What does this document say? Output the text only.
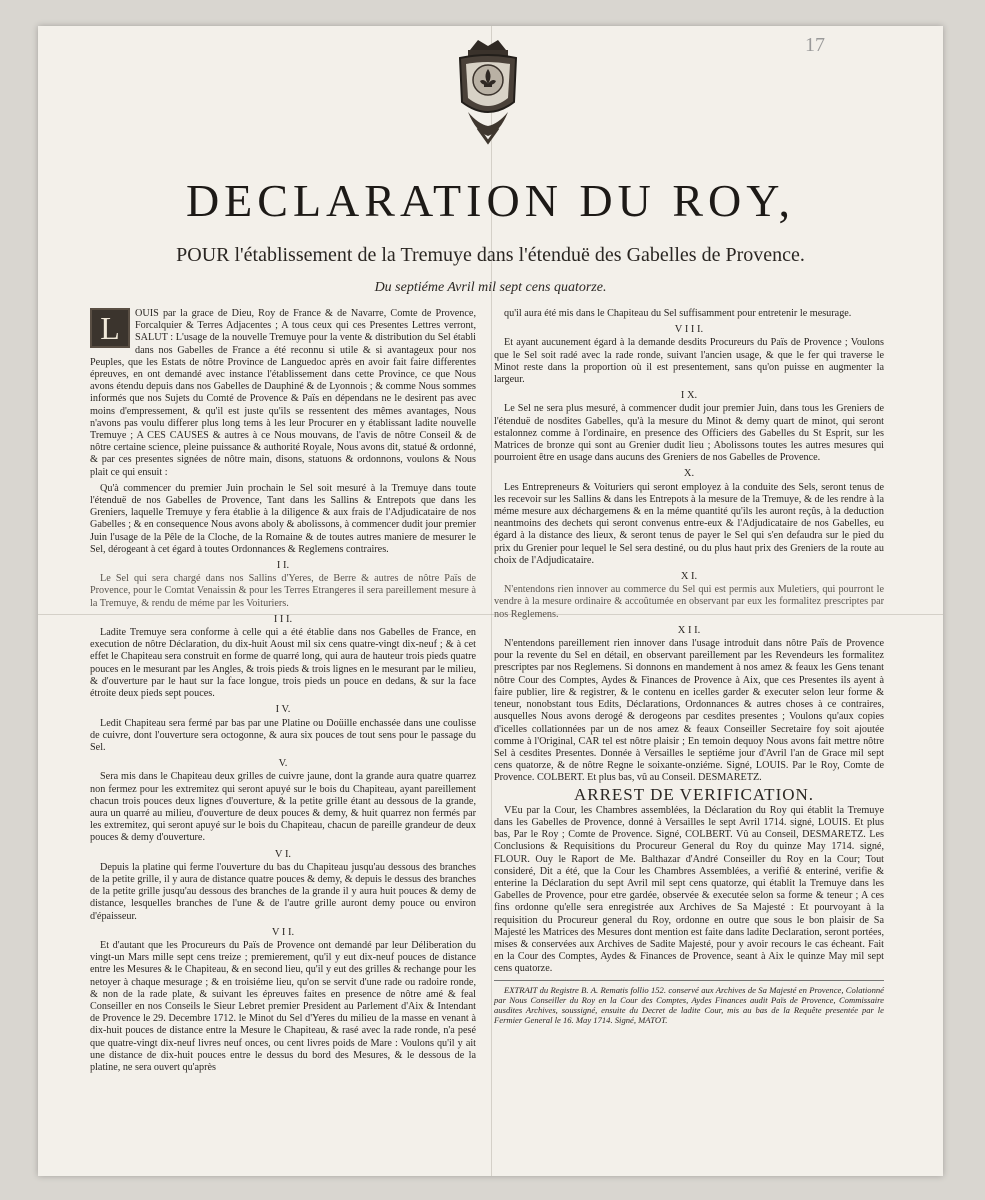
17
DECLARATION DU ROY,
POUR l'établissement de la Tremuye dans l'étenduë des Gabelles de Provence.
Du septiéme Avril mil sept cens quatorze.

L	OUIS par la grace de Dieu, Roy de France & de Navarre, Comte de Provence, Forcalquier & Terres Adjacentes ; A tous ceux qui ces Presentes Lettres verront, SALUT : L'usage de la nouvelle Tremuye pour la vente & distribution du Sel établi dans nos Gabelles de France a été reconnu si utile & si avantageux pour nos Peuples, que les Estats de nôtre Province de Languedoc après en avoir fait faire differentes épreuves, en ont demandé avec instance l'établissement dans cette Province, ce que Nous avons étendu depuis dans nos Gabelles de Dauphiné & de Lyonnois ; & comme Nous sommes informés que nos Sujets du Comté de Provence & Païs en dépendans ne le desirent pas avec moins d'empressement, & qu'il est juste qu'ils se ressentent des mêmes avantages, Nous n'avons pas voulu differer plus long tems à les leur Procurer en y établissant ladite nouvelle Tremuye ; A CES CAUSES & autres à ce Nous mouvans, de l'avis de nôtre Conseil & de nôtre certaine science, pleine puissance & authorité Royale, Nous avons dit, statué & ordonné, & par ces presentes signées de nôtre main, disons, statuons & ordonnons, voulons & Nous plait ce qui ensuit :

Qu'à commencer du premier Juin prochain le Sel soit mesuré à la Tremuye dans toute l'étenduë de nos Gabelles de Provence, Tant dans les Sallins & Entrepots que dans les Greniers, laquelle Tremuye y fera établie à la diligence & aux frais de l'Adjudicataire de nos Gabelles ; & en consequence Nous avons aboly & abolissons, à commencer dudit jour premier Juin l'usage de la Pêle de la Cloche, de la Romaine & de toutes autres maniere de mesurer le Sel, dérogeant à cet égard à toutes Ordonnances & Reglemens contraires.

I I.

Le Sel qui sera chargé dans nos Sallins d'Yeres, de Berre & autres de nôtre Païs de Provence, pour le Comtat Venaissin & pour les Terres Etrangeres il sera pareillement mesure à la Tremuye, & rendu de méme par les Voituriers.

I I I.

Ladite Tremuye sera conforme à celle qui a été établie dans nos Gabelles de France, en execution de nôtre Déclaration, du dix-huit Aoust mil six cens quatre-vingt dix-neuf ; & à cet effet le Chapiteau sera construit en forme de quarré long, qui aura de hauteur trois pieds quatre pouces en le mesurant par les Angles, & trois pieds & trois lignes en le mesurant par le milieu, & d'ouverture par le haut sur la face longue, trois pieds un pouce en dedans, & sur la face étroite deux pieds sept pouces.

I V.

Ledit Chapiteau sera fermé par bas par une Platine ou Doüille enchassée dans une coulisse de cuivre, dont l'ouverture sera octogonne, & aura six pouces de tout sens pour le passage du Sel.

V.

Sera mis dans le Chapiteau deux grilles de cuivre jaune, dont la grande aura quatre quarrez non fermez pour les extremitez qui seront apuyé sur le bois du Chapiteau, ayant pareillement chacun trois pouces deux lignes d'ouverture, & la petite grille étant au dessous de la grande, aura un quarré au milieu, d'ouverture de deux pouces & demy, & huit quarrez non fermés par les extremitez, qui seront apuyé sur le bois du Chapiteau, chacun de pareille grandeur de deux pouces & demy d'ouverture.

V I.

Depuis la platine qui ferme l'ouverture du bas du Chapiteau jusqu'au dessous des branches de la petite grille, il y aura de distance quatre pouces & demy, & depuis le dessus des branches de la petite grille jusqu'au dessous des branches de la grande il y aura huit pouces & demy de distance, lesquelles branches de l'une & de l'autre grille auront demy pouce ou environ d'épaisseur.

V I I.

Et d'autant que les Procureurs du Païs de Provence ont demandé par leur Déliberation du vingt-un Mars mille sept cens treize ; premierement, qu'il y eut dix-neuf pouces de distance entre les Mesures & le Chapiteau, & en second lieu, qu'il y eut des grilles & rechange pour les netoyer à chaque mesurage ; & en troisiéme lieu, qu'on se servit d'une rade ou radoire ronde, & non de la rade plate, & suivant les épreuves faites en presence de nôtre amé & feal Conseiller en nos Conseils le Sieur Lebret premier President au Parlement d'Aix & Intendant de Provence le 29. Decembre 1712. le Minot du Sel d'Yeres du milieu de la masse en venant à dix-huit pouces de distance entre la Mesure le Chapiteau, & rasé avec la rade ronde, n'a pesé que quatre-vingt dix-neuf livres neuf onces, ou cent livres poids de Mare : Voulons qu'il y ait une distance de dix-huit pouces entre le dessus du bord des Mesures, & le dessous de la platine, ne sera ouvert qu'après

qu'il aura été mis dans le Chapiteau du Sel suffisamment pour entretenir le mesurage.

V I I I.

Et ayant aucunement égard à la demande desdits Procureurs du Païs de Provence ; Voulons que le Sel soit radé avec la rade ronde, suivant l'ancien usage, & que le fer qui traverse le Minot reste dans la proportion où il est presentement, sans qu'on puisse en augmenter la largeur.

I X.

Le Sel ne sera plus mesuré, à commencer dudit jour premier Juin, dans tous les Greniers de l'étenduë de nosdites Gabelles, qu'à la mesure du Minot & demy quart de minot, qui seront estalonnez comme à l'ordinaire, en presence des Officiers des Gabelles du St Esprit, sur les Matrices de bronze qui sont au Grenier dudit lieu ; Abolissons toutes les autres mesures qui pourroient être en usage dans aucuns des Greniers de nos Gabelles de Provence.

X.

Les Entrepreneurs & Voituriers qui seront employez à la conduite des Sels, seront tenus de les recevoir sur les Sallins & dans les Entrepots à la mesure de la Tremuye, & de les rendre à la méme mesure aux déchargemens & en la méme quantité qu'ils les auront reçûs, à la deduction neantmoins des dechets qui seront convenus entre-eux & l'Adjudicataire de nos Gabelles, eu égard à la distance des lieux, & seront tenus de payer le Sel qui s'en defaudra sur le pied du prix du Grenier pour lequel le Sel sera destiné, ou du plus haut prix des Greniers de la route au choix de l'Adjudicataire.

X I.

N'entendons rien innover au commerce du Sel qui est permis aux Muletiers, qui pourront le vendre à la mesure ordinaire & accoûtumée en observant par eux les formalitez prescriptes par nos Reglemens.

X I I.

N'entendons pareillement rien innover dans l'usage introduit dans nôtre Païs de Provence pour la revente du Sel en détail, en observant pareillement par les Revendeurs les formalitez prescriptes par nos Reglemens. Si donnons en mandement à nos amez & feaux les Gens tenant nôtre Cour des Comptes, Aydes & Finances de Provence à Aix, que ces Presentes ils ayent à faire publier, lire & registrer, & le contenu en icelles garder & executer selon leur forme & teneur, nonobstant tous Edits, Déclarations, Ordonnances & autres choses à ce contraires, ausquelles Nous avons derogé & derogeons par cesdites presentes ; Voulons qu'aux copies d'icelles collationnées par un de nos amez & feaux Conseiller Secretaire foy soit ajoutée comme à l'Original, CAR tel est nôtre plaisir ; En temoin dequoy Nous avons fait mettre nôtre Sel à cesdites Presentes. Donnée à Versailles le septiéme jour d'Avril l'an de Grace mil sept cens quatorze, & de nôtre Regne le soixante-onziéme. Signé, LOUIS. Par le Roy, Comte de Provence. COLBERT. Et plus bas, vû au Conseil. DESMARETZ.

ARREST DE VERIFICATION.

VEu par la Cour, les Chambres assemblées, la Déclaration du Roy qui établit la Tremuye dans les Gabelles de Provence, donné à Versailles le sept Avril 1714. signé, LOUIS. Et plus bas, Par le Roy ; Comte de Provence. Signé, COLBERT. Vû au Conseil, DESMARETZ. Les Conclusions & Requisitions du Procureur General du Roy du quinze May 1714. signé, FLOUR. Ouy le Raport de Me. Balthazar d'André Conseiller du Roy en la Cour; Tout consideré, Dit a été, que la Cour les Chambres Assemblées, a verifié & enteriné, verifie & enterine la Déclaration du sept Avril mil sept cens quatorze, qui établit la Tremuye dans les Gabelles de Provence, pour etre gardée, observée & executée selon sa forme & teneur ; A ces fins ordonne qu'elle sera enregistrée aux Archives de Sa Majesté : Et pourvoyant à la requisition du Procureur general du Roy, ordonne en outre que sous le bon plaisir de Sa Majesté les Matrices des Mesures dont mention est faite dans ladite Declaration, seront portées, mises & conservées aux Archives de Sadite Majesté, pour y avoir recours le cas écheant. Fait en la Cour des Comptes, Aydes & Finances de Provence, seant à Aix le quinze May mil sept cens quatorze.

EXTRAIT du Registre B. A. Rematis follio 152. conservé aux Archives de Sa Majesté en Provence, Colationné par Nous Conseiller du Roy en la Cour des Comptes, Aydes Finances audit Païs de Provence, Commissaire ausdites Archives, soussigné, ensuite du Decret de ladite Cour, mis au bas de la Requête presentée par le Fermier General le 16. May 1714. Signé, MATOT.
